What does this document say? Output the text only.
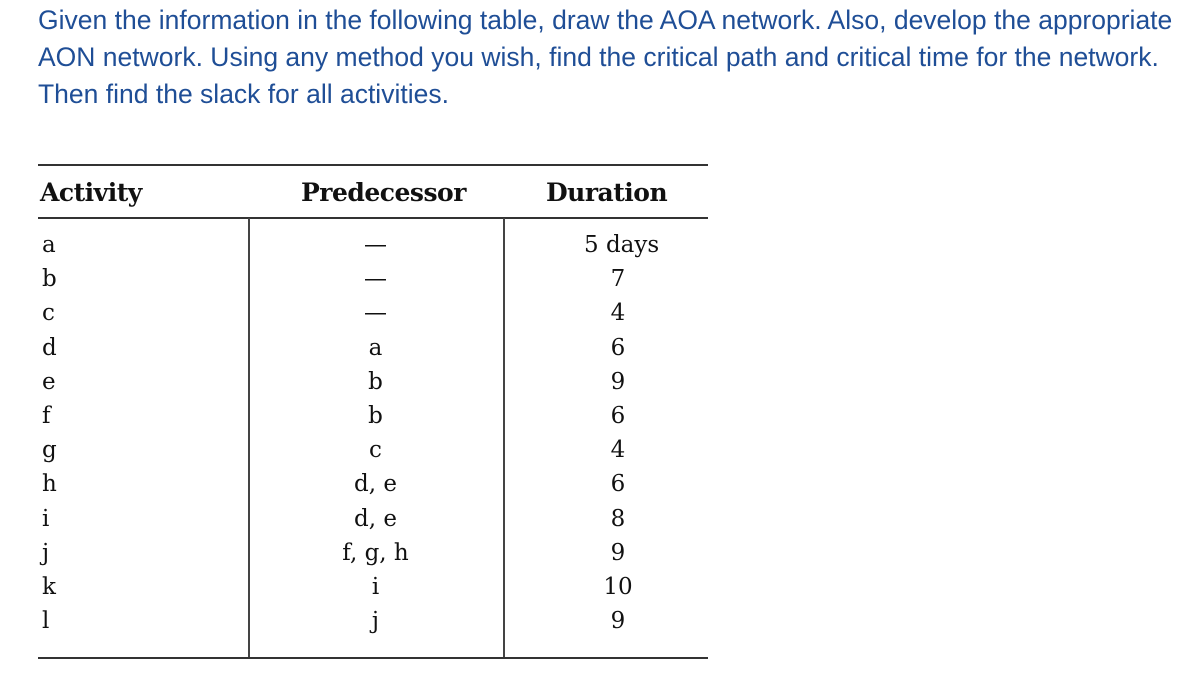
Given the information in the following table, draw the AOA network. Also, develop the appropriate AON network. Using any method you wish, find the critical path and critical time for the network. Then find the slack for all activities.

Activity	Predecessor	Duration
a	—	5 days
b	—	7
c	—	4
d	a	6
e	b	9
f	b	6
g	c	4
h	d, e	6
i	d, e	8
j	f, g, h	9
k	i	10
l	j	9
